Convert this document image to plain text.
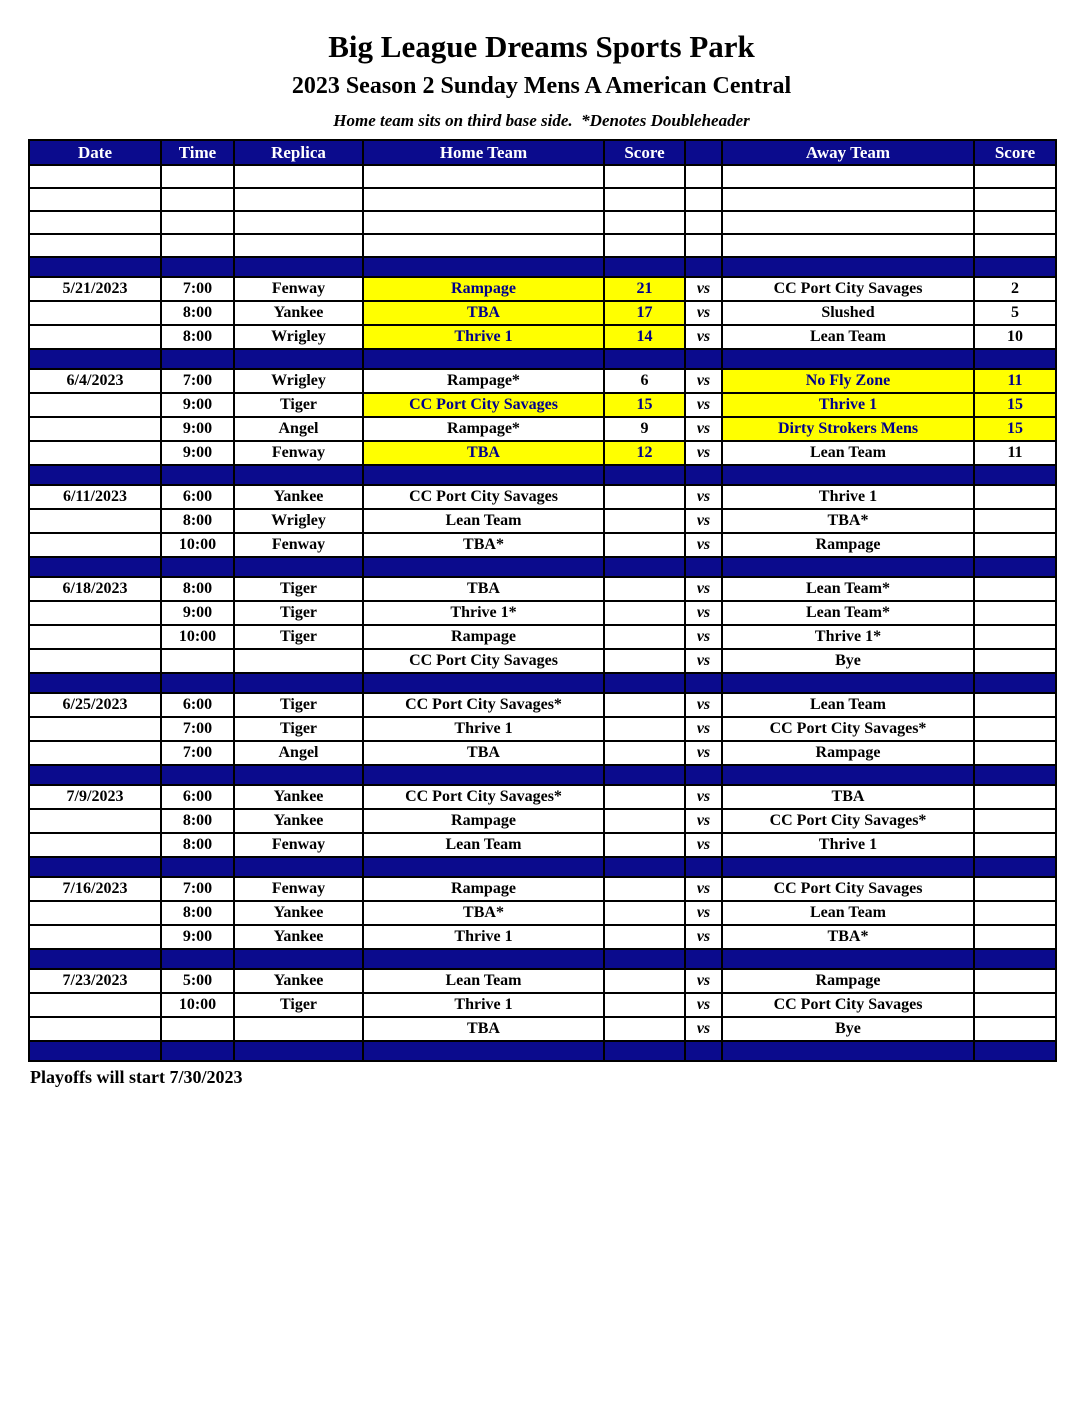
Big League Dreams Sports Park
2023 Season 2 Sunday Mens A American Central
Home team sits on third base side.  *Denotes Doubleheader
Date	Time	Replica	Home Team	Score		Away Team	Score

5/21/2023	7:00	Fenway	Rampage	21	vs	CC Port City Savages	2
	8:00	Yankee	TBA	17	vs	Slushed	5
	8:00	Wrigley	Thrive 1	14	vs	Lean Team	10

6/4/2023	7:00	Wrigley	Rampage*	6	vs	No Fly Zone	11
	9:00	Tiger	CC Port City Savages	15	vs	Thrive 1	15
	9:00	Angel	Rampage*	9	vs	Dirty Strokers Mens	15
	9:00	Fenway	TBA	12	vs	Lean Team	11

6/11/2023	6:00	Yankee	CC Port City Savages		vs	Thrive 1	
	8:00	Wrigley	Lean Team		vs	TBA*	
	10:00	Fenway	TBA*		vs	Rampage	

6/18/2023	8:00	Tiger	TBA		vs	Lean Team*	
	9:00	Tiger	Thrive 1*		vs	Lean Team*	
	10:00	Tiger	Rampage		vs	Thrive 1*	
			CC Port City Savages		vs	Bye	

6/25/2023	6:00	Tiger	CC Port City Savages*		vs	Lean Team	
	7:00	Tiger	Thrive 1		vs	CC Port City Savages*	
	7:00	Angel	TBA		vs	Rampage	

7/9/2023	6:00	Yankee	CC Port City Savages*		vs	TBA	
	8:00	Yankee	Rampage		vs	CC Port City Savages*	
	8:00	Fenway	Lean Team		vs	Thrive 1	

7/16/2023	7:00	Fenway	Rampage		vs	CC Port City Savages	
	8:00	Yankee	TBA*		vs	Lean Team	
	9:00	Yankee	Thrive 1		vs	TBA*	

7/23/2023	5:00	Yankee	Lean Team		vs	Rampage	
	10:00	Tiger	Thrive 1		vs	CC Port City Savages	
			TBA		vs	Bye	

Playoffs will start 7/30/2023
